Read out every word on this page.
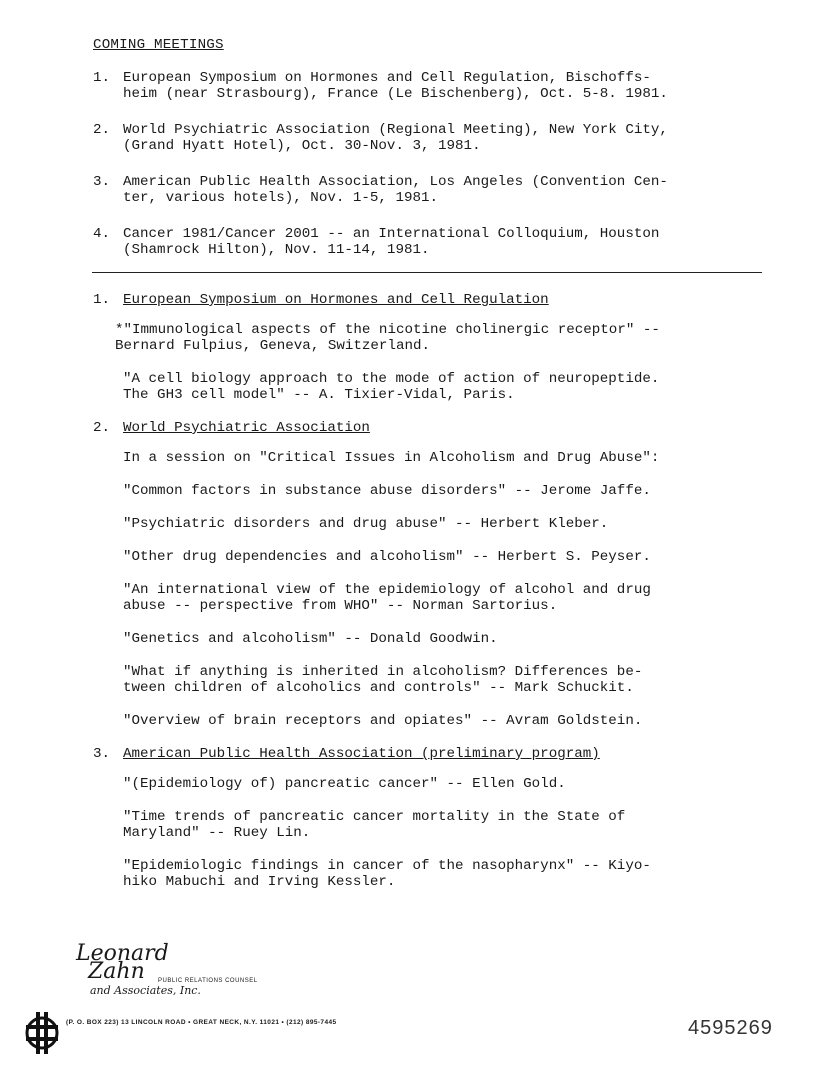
COMING MEETINGS
1. European Symposium on Hormones and Cell Regulation, Bischoffs-
heim (near Strasbourg), France (Le Bischenberg), Oct. 5-8. 1981.
2. World Psychiatric Association (Regional Meeting), New York City,
(Grand Hyatt Hotel), Oct. 30-Nov. 3, 1981.
3. American Public Health Association, Los Angeles (Convention Cen-
ter, various hotels), Nov. 1-5, 1981.
4. Cancer 1981/Cancer 2001 -- an International Colloquium, Houston
(Shamrock Hilton), Nov. 11-14, 1981.
1. European Symposium on Hormones and Cell Regulation
*"Immunological aspects of the nicotine cholinergic receptor" --
Bernard Fulpius, Geneva, Switzerland.
"A cell biology approach to the mode of action of neuropeptide.
The GH3 cell model" -- A. Tixier-Vidal, Paris.
2. World Psychiatric Association
In a session on "Critical Issues in Alcoholism and Drug Abuse":
"Common factors in substance abuse disorders" -- Jerome Jaffe.
"Psychiatric disorders and drug abuse" -- Herbert Kleber.
"Other drug dependencies and alcoholism" -- Herbert S. Peyser.
"An international view of the epidemiology of alcohol and drug
abuse -- perspective from WHO" -- Norman Sartorius.
"Genetics and alcoholism" -- Donald Goodwin.
"What if anything is inherited in alcoholism? Differences be-
tween children of alcoholics and controls" -- Mark Schuckit.
"Overview of brain receptors and opiates" -- Avram Goldstein.
3. American Public Health Association (preliminary program)
"(Epidemiology of) pancreatic cancer" -- Ellen Gold.
"Time trends of pancreatic cancer mortality in the State of
Maryland" -- Ruey Lin.
"Epidemiologic findings in cancer of the nasopharynx" -- Kiyo-
hiko Mabuchi and Irving Kessler.
Leonard
Zahn PUBLIC RELATIONS COUNSEL
and Associates, Inc.
(P. O. BOX 223) 13 LINCOLN ROAD • GREAT NECK, N.Y. 11021 • (212) 895-7445	4595269
